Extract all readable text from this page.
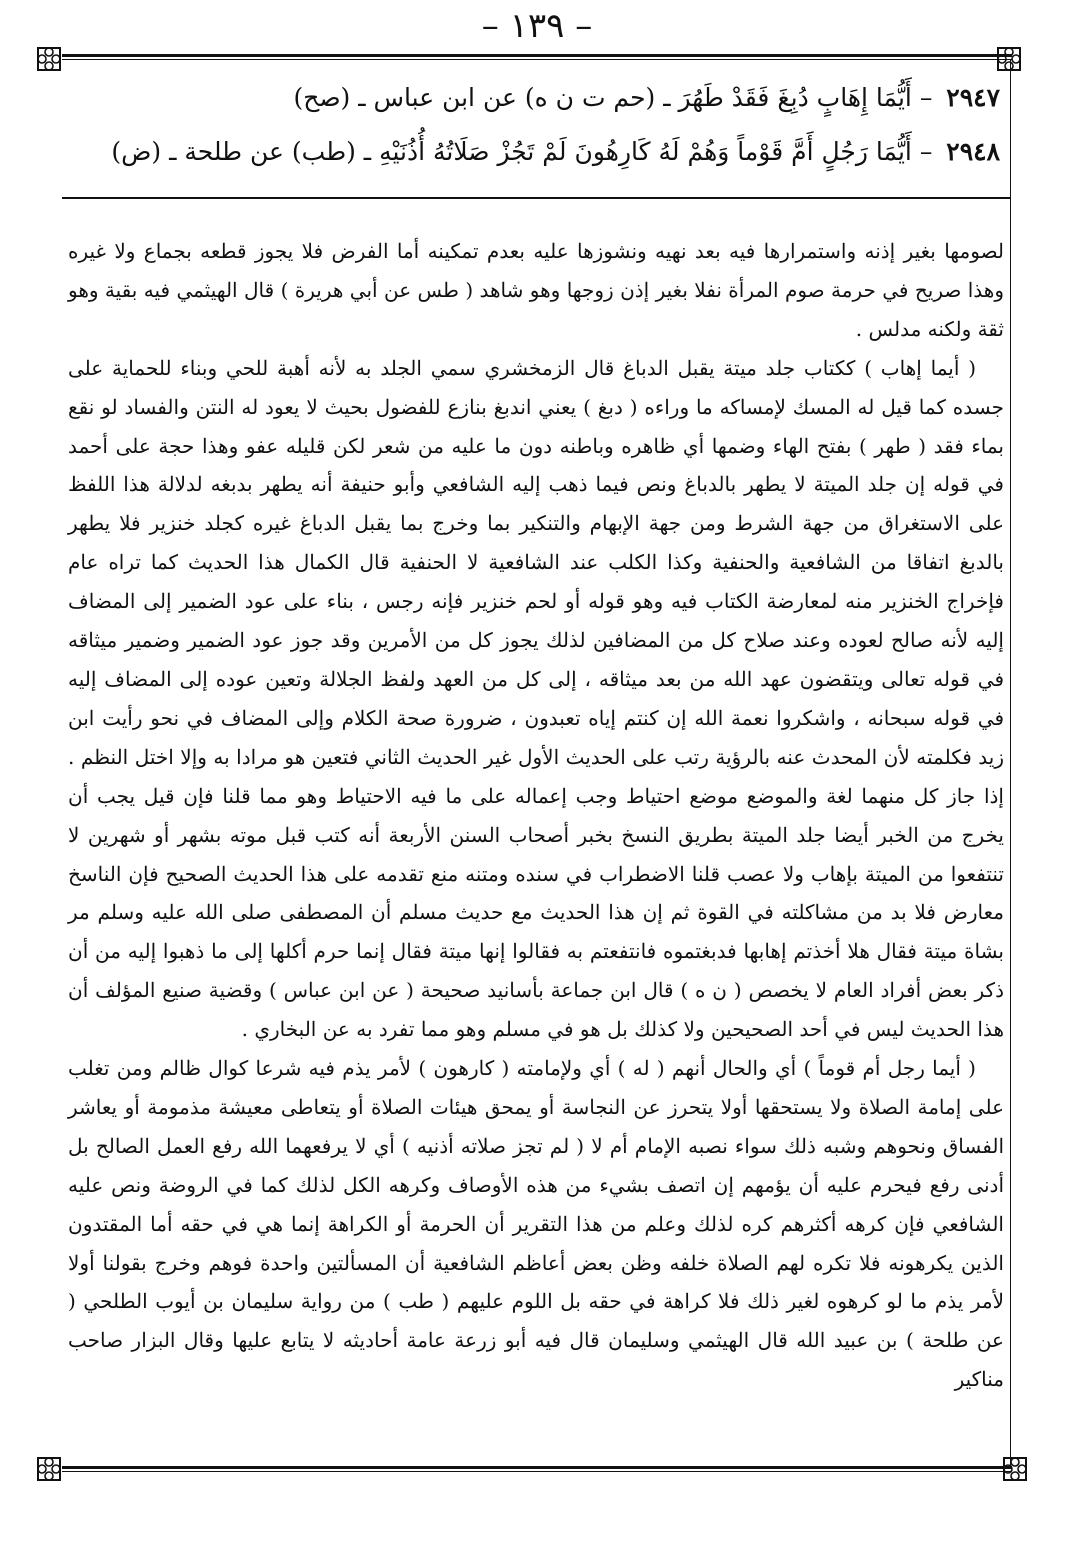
– ١٣٩ –
٢٩٤٧ – أَيُّمَا إِهَابٍ دُبِغَ فَقَدْ طَهُرَ ـ (حم ت ن ه) عن ابن عباس ـ (صح)
٢٩٤٨ – أَيُّمَا رَجُلٍ أَمَّ قَوْماً وَهُمْ لَهُ كَارِهُونَ لَمْ تَجُزْ صَلَاتُهُ أُذُنَيْهِ ـ (طب) عن طلحة ـ (ض)

لصومها بغير إذنه واستمرارها فيه بعد نهيه ونشوزها عليه بعدم تمكينه أما الفرض فلا يجوز قطعه بجماع ولا غيره وهذا صريح في حرمة صوم المرأة نفلا بغير إذن زوجها وهو شاهد ( طس عن أبي هريرة ) قال الهيثمي فيه بقية وهو ثقة ولكنه مدلس .

( أيما إهاب ) ككتاب جلد ميتة يقبل الدباغ قال الزمخشري سمي الجلد به لأنه أهبة للحي وبناء للحماية على جسده كما قيل له المسك لإمساكه ما وراءه ( دبغ ) يعني اندبغ بنازع للفضول بحيث لا يعود له النتن والفساد لو نقع بماء فقد ( طهر ) بفتح الهاء وضمها أي ظاهره وباطنه دون ما عليه من شعر لكن قليله عفو وهذا حجة على أحمد في قوله إن جلد الميتة لا يطهر بالدباغ ونص فيما ذهب إليه الشافعي وأبو حنيفة أنه يطهر بدبغه لدلالة هذا اللفظ على الاستغراق من جهة الشرط ومن جهة الإبهام والتنكير بما وخرج بما يقبل الدباغ غيره كجلد خنزير فلا يطهر بالدبغ اتفاقا من الشافعية والحنفية وكذا الكلب عند الشافعية لا الحنفية قال الكمال هذا الحديث كما تراه عام فإخراج الخنزير منه لمعارضة الكتاب فيه وهو قوله أو لحم خنزير فإنه رجس ، بناء على عود الضمير إلى المضاف إليه لأنه صالح لعوده وعند صلاح كل من المضافين لذلك يجوز كل من الأمرين وقد جوز عود الضمير وضمير ميثاقه في قوله تعالى ويتقضون عهد الله من بعد ميثاقه ، إلى كل من العهد ولفظ الجلالة وتعين عوده إلى المضاف إليه في قوله سبحانه ، واشكروا نعمة الله إن كنتم إياه تعبدون ، ضرورة صحة الكلام وإلى المضاف في نحو رأيت ابن زيد فكلمته لأن المحدث عنه بالرؤية رتب على الحديث الأول غير الحديث الثاني فتعين هو مرادا به وإلا اختل النظم . إذا جاز كل منهما لغة والموضع موضع احتياط وجب إعماله على ما فيه الاحتياط وهو مما قلنا فإن قيل يجب أن يخرج من الخبر أيضا جلد الميتة بطريق النسخ بخبر أصحاب السنن الأربعة أنه كتب قبل موته بشهر أو شهرين لا تنتفعوا من الميتة بإهاب ولا عصب قلنا الاضطراب في سنده ومتنه منع تقدمه على هذا الحديث الصحيح فإن الناسخ معارض فلا بد من مشاكلته في القوة ثم إن هذا الحديث مع حديث مسلم أن المصطفى صلى الله عليه وسلم مر بشاة ميتة فقال هلا أخذتم إهابها فدبغتموه فانتفعتم به فقالوا إنها ميتة فقال إنما حرم أكلها إلى ما ذهبوا إليه من أن ذكر بعض أفراد العام لا يخصص ( ن ه ) قال ابن جماعة بأسانيد صحيحة ( عن ابن عباس ) وقضية صنيع المؤلف أن هذا الحديث ليس في أحد الصحيحين ولا كذلك بل هو في مسلم وهو مما تفرد به عن البخاري .

( أيما رجل أم قوماً ) أي والحال أنهم ( له ) أي ولإمامته ( كارهون ) لأمر يذم فيه شرعا كوال ظالم ومن تغلب على إمامة الصلاة ولا يستحقها أولا يتحرز عن النجاسة أو يمحق هيئات الصلاة أو يتعاطى معيشة مذمومة أو يعاشر الفساق ونحوهم وشبه ذلك سواء نصبه الإمام أم لا ( لم تجز صلاته أذنيه ) أي لا يرفعهما الله رفع العمل الصالح بل أدنى رفع فيحرم عليه أن يؤمهم إن اتصف بشيء من هذه الأوصاف وكرهه الكل لذلك كما في الروضة ونص عليه الشافعي فإن كرهه أكثرهم كره لذلك وعلم من هذا التقرير أن الحرمة أو الكراهة إنما هي في حقه أما المقتدون الذين يكرهونه فلا تكره لهم الصلاة خلفه وظن بعض أعاظم الشافعية أن المسألتين واحدة فوهم وخرج بقولنا أولا لأمر يذم ما لو كرهوه لغير ذلك فلا كراهة في حقه بل اللوم عليهم ( طب ) من رواية سليمان بن أيوب الطلحي ( عن طلحة ) بن عبيد الله قال الهيثمي وسليمان قال فيه أبو زرعة عامة أحاديثه لا يتابع عليها وقال البزار صاحب مناكير
